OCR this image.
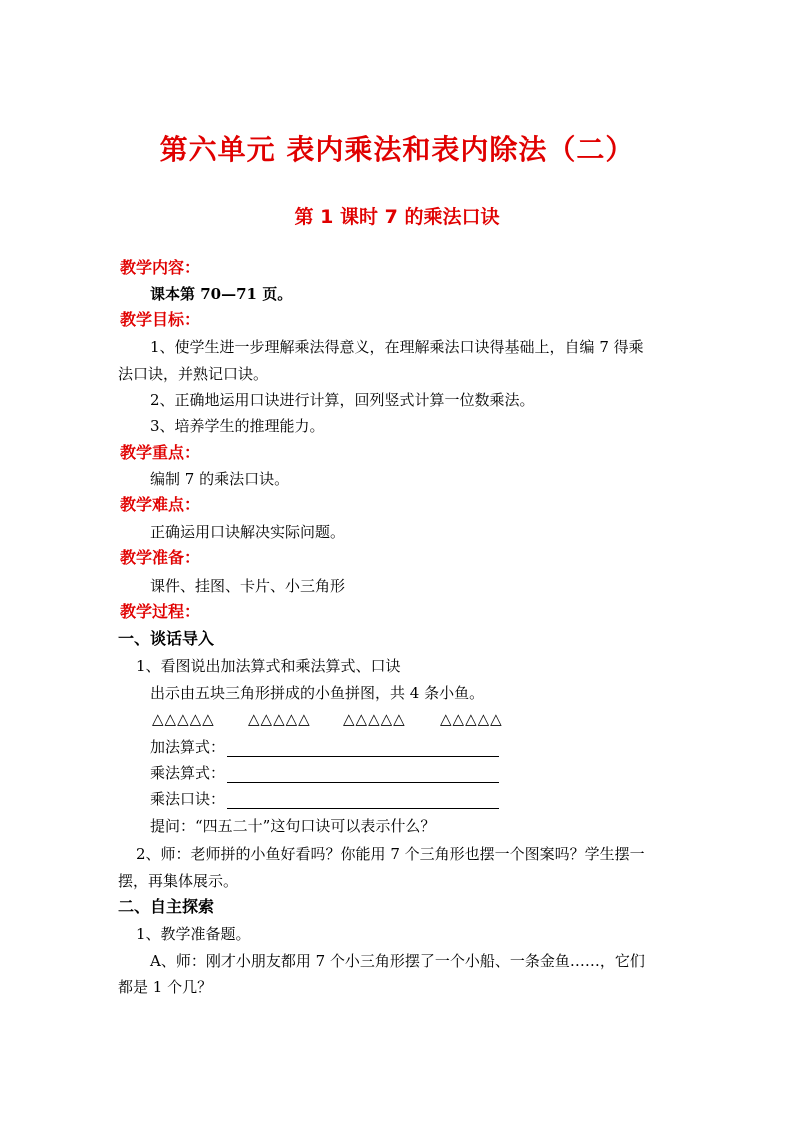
第六单元 表内乘法和表内除法（二）
第 1 课时 7 的乘法口诀
教学内容：
课本第 70—71 页。
教学目标：
1、使学生进一步理解乘法得意义，在理解乘法口诀得基础上，自编 7 得乘
法口诀，并熟记口诀。
2、正确地运用口诀进行计算，回列竖式计算一位数乘法。
3、培养学生的推理能力。
教学重点：
编制 7 的乘法口诀。
教学难点：
正确运用口诀解决实际问题。
教学准备：
课件、挂图、卡片、小三角形
教学过程：
一、谈话导入
1、看图说出加法算式和乘法算式、口诀
出示由五块三角形拼成的小鱼拼图，共 4 条小鱼。
△△△△△ △△△△△ △△△△△ △△△△△
加法算式：
乘法算式：
乘法口诀：
提问：“四五二十”这句口诀可以表示什么？
2、师：老师拼的小鱼好看吗？你能用 7 个三角形也摆一个图案吗？学生摆一
摆，再集体展示。
二、自主探索
1、教学准备题。
A、师：刚才小朋友都用 7 个小三角形摆了一个小船、一条金鱼……，它们
都是 1 个几？
